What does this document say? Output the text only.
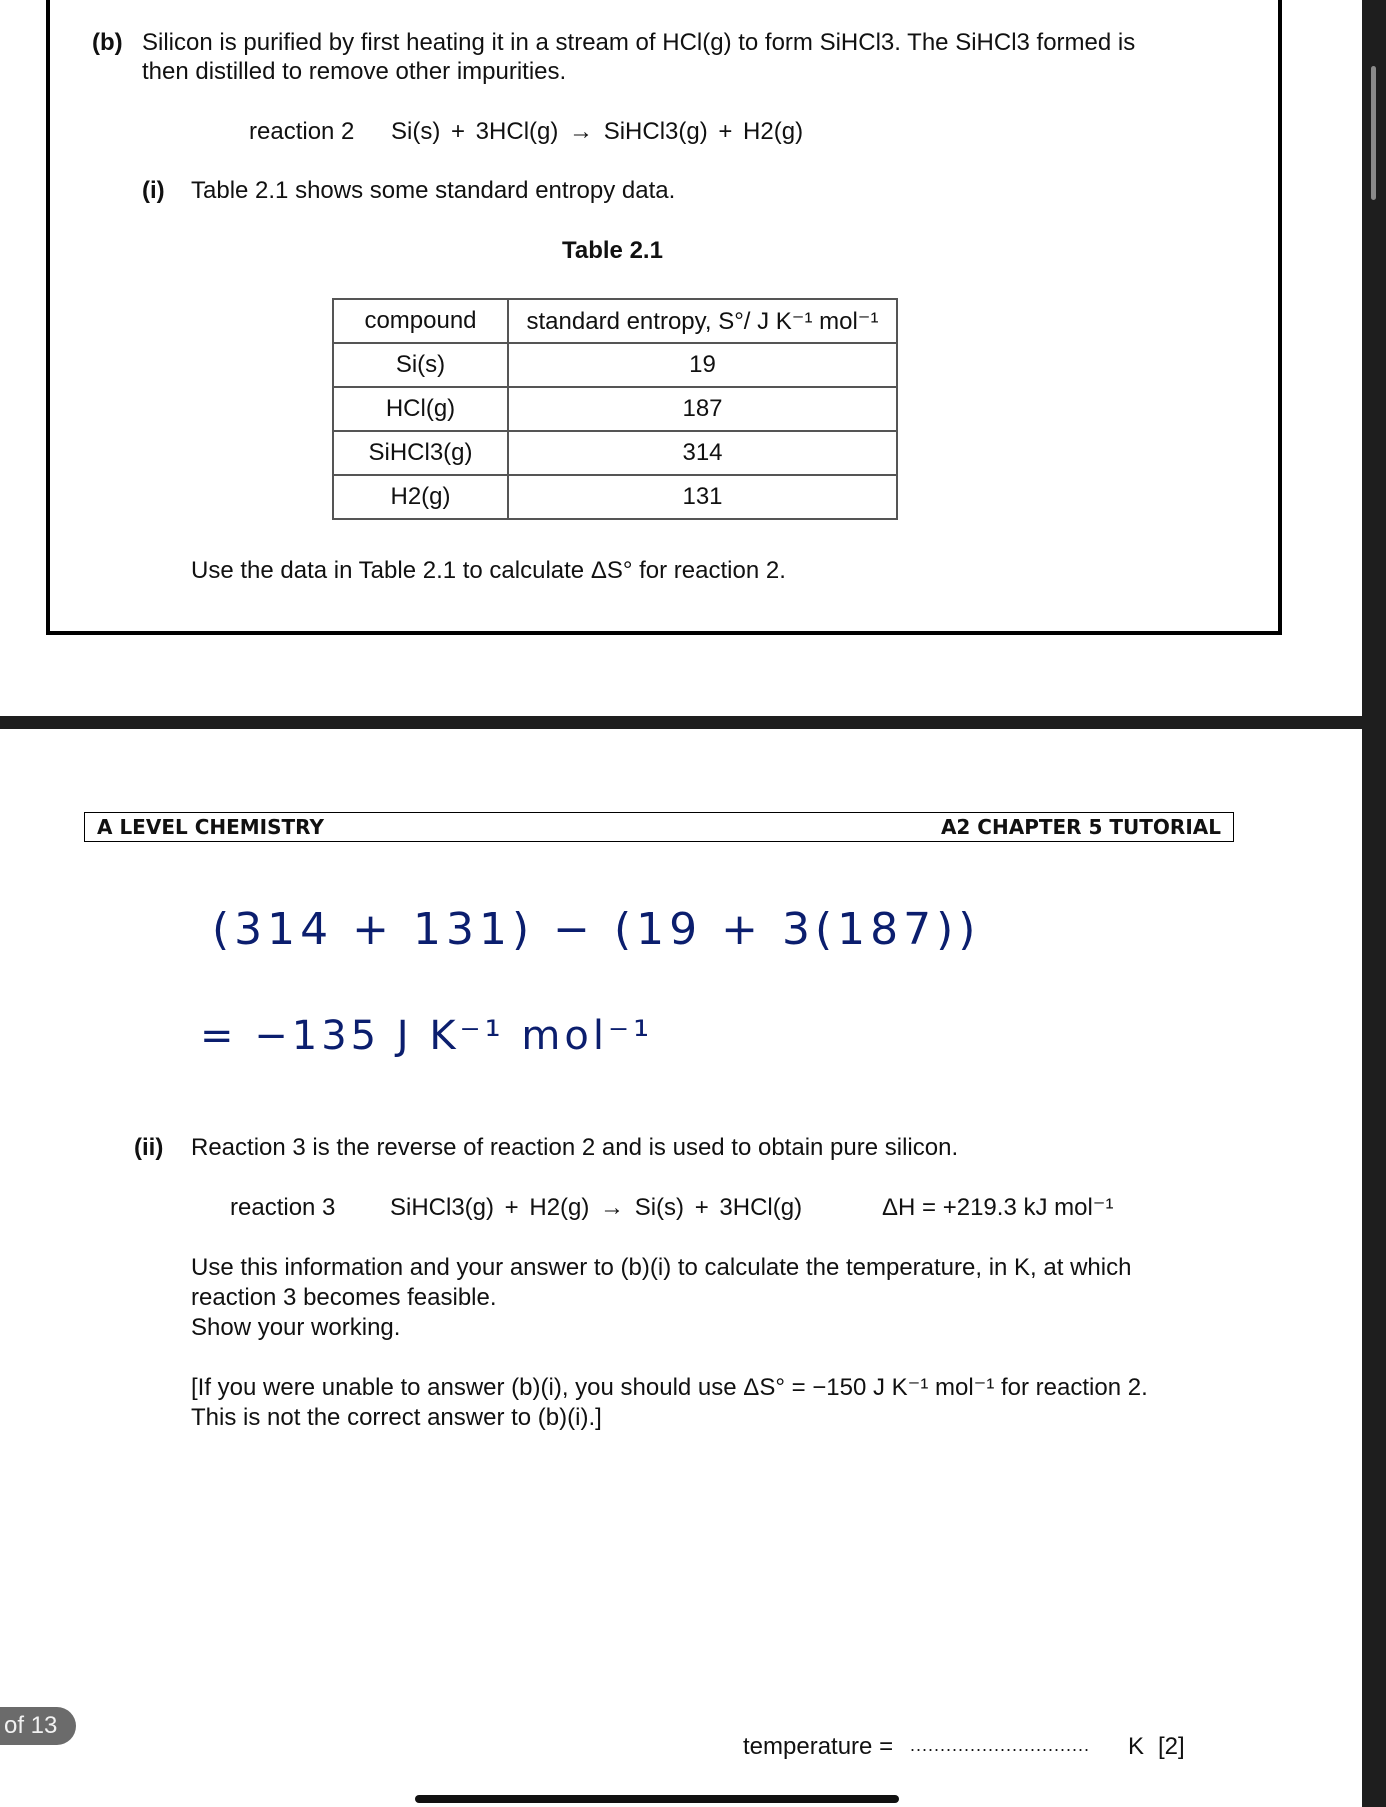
(b) Silicon is purified by first heating it in a stream of HCl(g) to form SiHCl3. The SiHCl3 formed is
then distilled to remove other impurities.
reaction 2 Si(s) + 3HCl(g) → SiHCl3(g) + H2(g)
(i) Table 2.1 shows some standard entropy data.
Table 2.1
compound	standard entropy, S°/ J K⁻¹ mol⁻¹
Si(s)	19
HCl(g)	187
SiHCl3(g)	314
H2(g)	131
Use the data in Table 2.1 to calculate ΔS° for reaction 2.
A LEVEL CHEMISTRY	A2 CHAPTER 5 TUTORIAL
(314 + 131) − (19 + 3(187))
= −135 J K⁻¹ mol⁻¹
(ii) Reaction 3 is the reverse of reaction 2 and is used to obtain pure silicon.
reaction 3 SiHCl3(g) + H2(g) → Si(s) + 3HCl(g)	ΔH = +219.3 kJ mol⁻¹
Use this information and your answer to (b)(i) to calculate the temperature, in K, at which
reaction 3 becomes feasible.
Show your working.
[If you were unable to answer (b)(i), you should use ΔS° = −150 J K⁻¹ mol⁻¹ for reaction 2.
This is not the correct answer to (b)(i).]
temperature = .............................. K [2]
of 13
